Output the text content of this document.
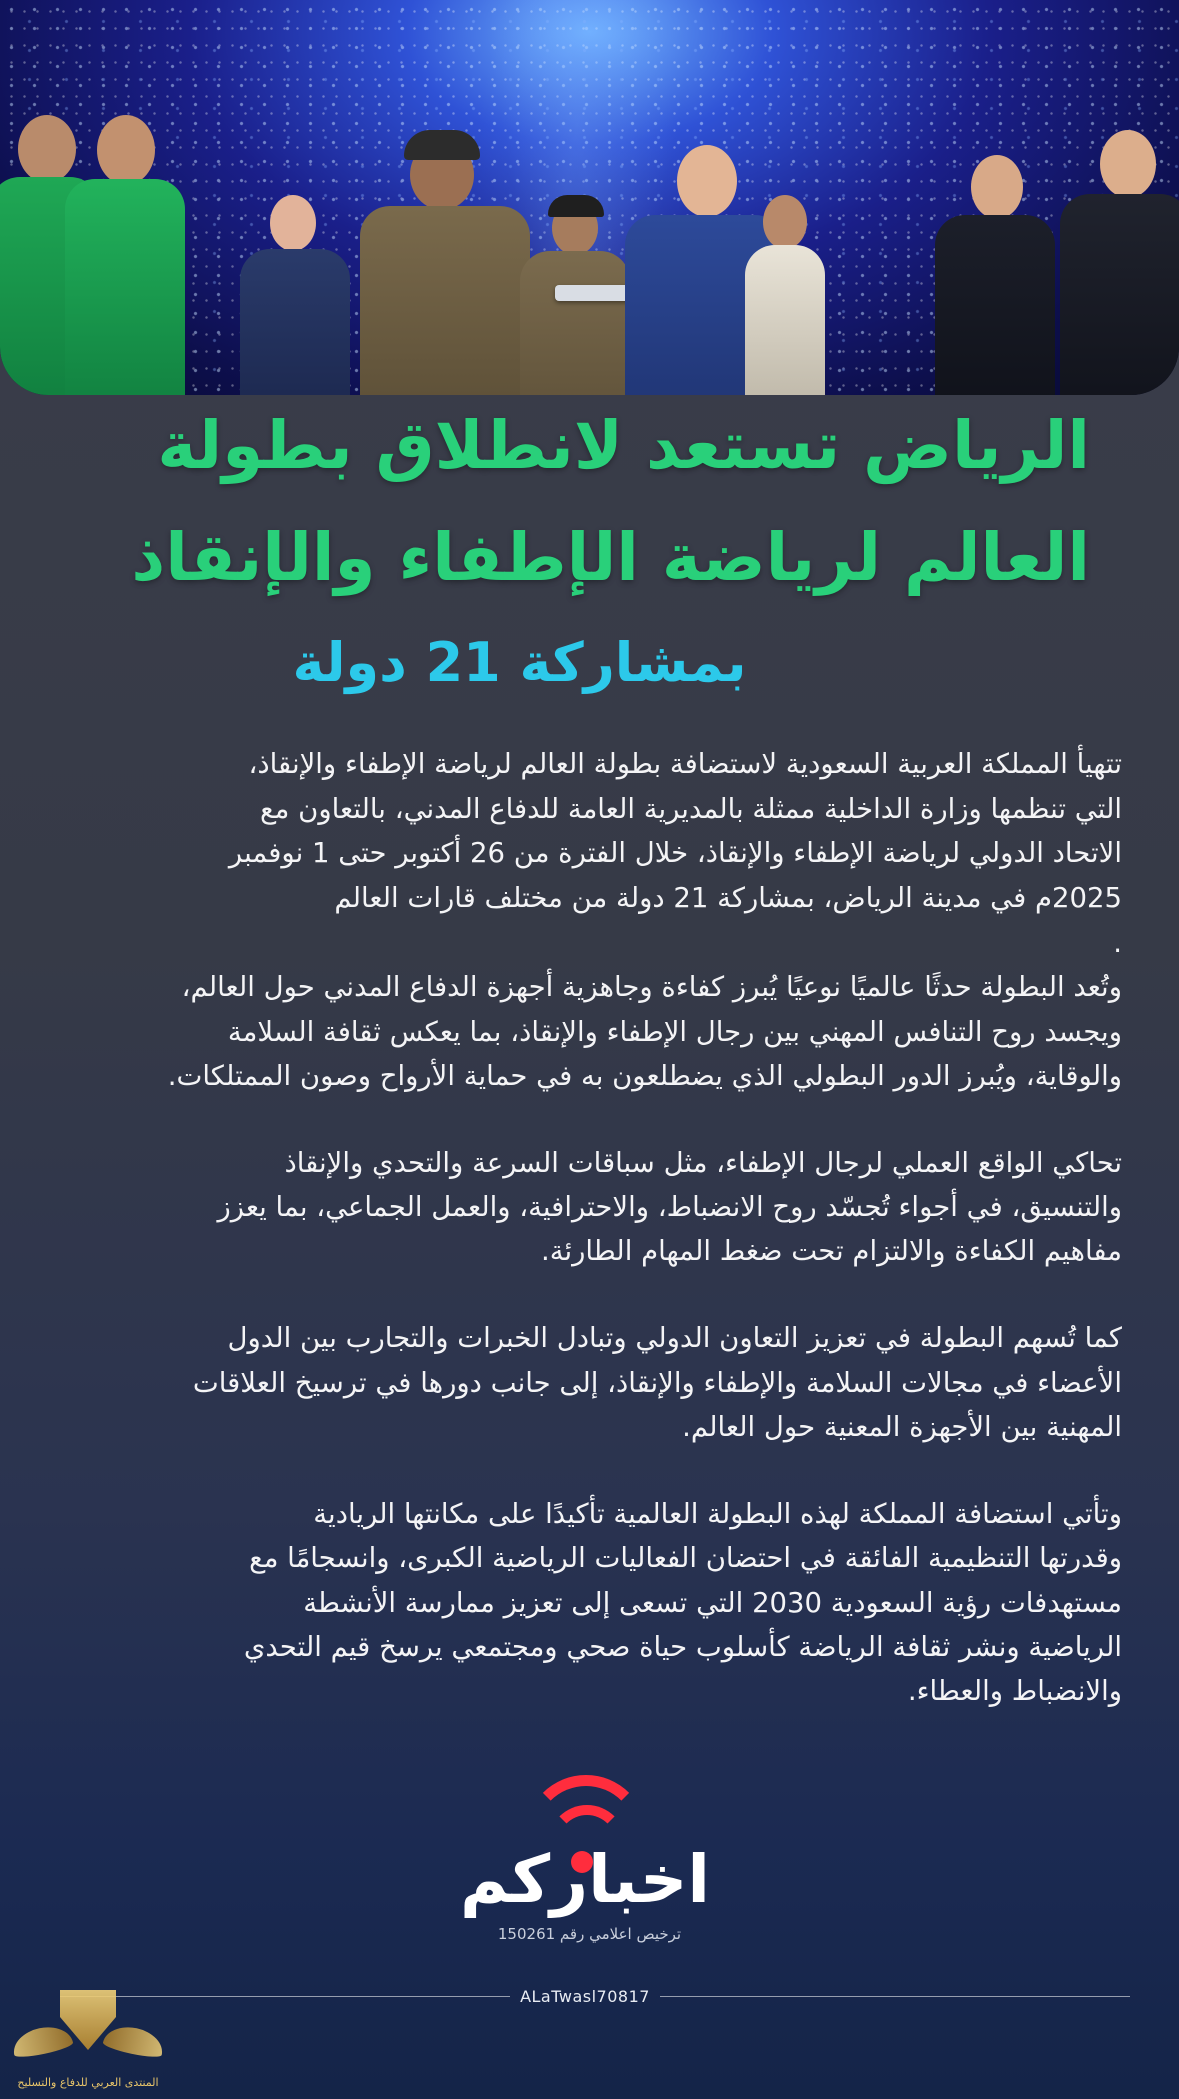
الرياض تستعد لانطلاق بطولة
العالم لرياضة الإطفاء والإنقاذ
بمشاركة 21 دولة
تتهيأ المملكة العربية السعودية لاستضافة بطولة العالم لرياضة الإطفاء والإنقاذ،
التي تنظمها وزارة الداخلية ممثلة بالمديرية العامة للدفاع المدني، بالتعاون مع
الاتحاد الدولي لرياضة الإطفاء والإنقاذ، خلال الفترة من 26 أكتوبر حتى 1 نوفمبر
2025م في مدينة الرياض، بمشاركة 21 دولة من مختلف قارات العالم
.
وتُعد البطولة حدثًا عالميًا نوعيًا يُبرز كفاءة وجاهزية أجهزة الدفاع المدني حول العالم،
ويجسد روح التنافس المهني بين رجال الإطفاء والإنقاذ، بما يعكس ثقافة السلامة
والوقاية، ويُبرز الدور البطولي الذي يضطلعون به في حماية الأرواح وصون الممتلكات.
تحاكي الواقع العملي لرجال الإطفاء، مثل سباقات السرعة والتحدي والإنقاذ
والتنسيق، في أجواء تُجسّد روح الانضباط، والاحترافية، والعمل الجماعي، بما يعزز
مفاهيم الكفاءة والالتزام تحت ضغط المهام الطارئة.
كما تُسهم البطولة في تعزيز التعاون الدولي وتبادل الخبرات والتجارب بين الدول
الأعضاء في مجالات السلامة والإطفاء والإنقاذ، إلى جانب دورها في ترسيخ العلاقات
المهنية بين الأجهزة المعنية حول العالم.
وتأتي استضافة المملكة لهذه البطولة العالمية تأكيدًا على مكانتها الريادية
وقدرتها التنظيمية الفائقة في احتضان الفعاليات الرياضية الكبرى، وانسجامًا مع
مستهدفات رؤية السعودية 2030 التي تسعى إلى تعزيز ممارسة الأنشطة
الرياضية ونشر ثقافة الرياضة كأسلوب حياة صحي ومجتمعي يرسخ قيم التحدي
والانضباط والعطاء.
اخباركم
ترخيص اعلامي رقم 150261
ALaTwasl70817
المنتدى العربي للدفاع والتسليح
